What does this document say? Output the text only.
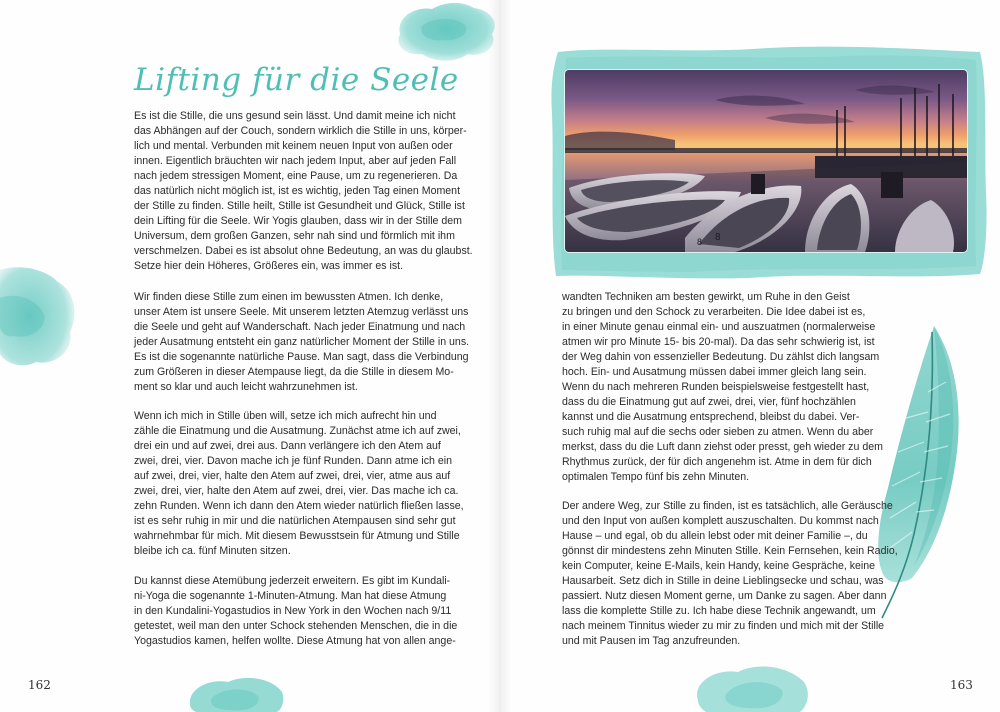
8
8
Lifting für die Seele
Es ist die Stille, die uns gesund sein lässt. Und damit meine ich nicht
das Abhängen auf der Couch, sondern wirklich die Stille in uns, körper-
lich und mental. Verbunden mit keinem neuen Input von außen oder
innen. Eigentlich bräuchten wir nach jedem Input, aber auf jeden Fall
nach jedem stressigen Moment, eine Pause, um zu regenerieren. Da
das natürlich nicht möglich ist, ist es wichtig, jeden Tag einen Moment
der Stille zu finden. Stille heilt, Stille ist Gesundheit und Glück, Stille ist
dein Lifting für die Seele. Wir Yogis glauben, dass wir in der Stille dem
Universum, dem großen Ganzen, sehr nah sind und förmlich mit ihm
verschmelzen. Dabei es ist absolut ohne Bedeutung, an was du glaubst.
Setze hier dein Höheres, Größeres ein, was immer es ist.
Wir finden diese Stille zum einen im bewussten Atmen. Ich denke,
unser Atem ist unsere Seele. Mit unserem letzten Atemzug verlässt uns
die Seele und geht auf Wanderschaft. Nach jeder Einatmung und nach
jeder Ausatmung entsteht ein ganz natürlicher Moment der Stille in uns.
Es ist die sogenannte natürliche Pause. Man sagt, dass die Verbindung
zum Größeren in dieser Atempause liegt, da die Stille in diesem Mo-
ment so klar und auch leicht wahrzunehmen ist.
Wenn ich mich in Stille üben will, setze ich mich aufrecht hin und
zähle die Einatmung und die Ausatmung. Zunächst atme ich auf zwei,
drei ein und auf zwei, drei aus. Dann verlängere ich den Atem auf
zwei, drei, vier. Davon mache ich je fünf Runden. Dann atme ich ein
auf zwei, drei, vier, halte den Atem auf zwei, drei, vier, atme aus auf
zwei, drei, vier, halte den Atem auf zwei, drei, vier. Das mache ich ca.
zehn Runden. Wenn ich dann den Atem wieder natürlich fließen lasse,
ist es sehr ruhig in mir und die natürlichen Atempausen sind sehr gut
wahrnehmbar für mich. Mit diesem Bewusstsein für Atmung und Stille
bleibe ich ca. fünf Minuten sitzen.
Du kannst diese Atemübung jederzeit erweitern. Es gibt im Kundali-
ni-Yoga die sogenannte 1-Minuten-Atmung. Man hat diese Atmung
in den Kundalini-Yogastudios in New York in den Wochen nach 9/11
getestet, weil man den unter Schock stehenden Menschen, die in die
Yogastudios kamen, helfen wollte. Diese Atmung hat von allen ange-
wandten Techniken am besten gewirkt, um Ruhe in den Geist
zu bringen und den Schock zu verarbeiten. Die Idee dabei ist es,
in einer Minute genau einmal ein- und auszuatmen (normalerweise
atmen wir pro Minute 15- bis 20-mal). Da das sehr schwierig ist, ist
der Weg dahin von essenzieller Bedeutung. Du zählst dich langsam
hoch. Ein- und Ausatmung müssen dabei immer gleich lang sein.
Wenn du nach mehreren Runden beispielsweise festgestellt hast,
dass du die Einatmung gut auf zwei, drei, vier, fünf hochzählen
kannst und die Ausatmung entsprechend, bleibst du dabei. Ver-
such ruhig mal auf die sechs oder sieben zu atmen. Wenn du aber
merkst, dass du die Luft dann ziehst oder presst, geh wieder zu dem
Rhythmus zurück, der für dich angenehm ist. Atme in dem für dich
optimalen Tempo fünf bis zehn Minuten.
Der andere Weg, zur Stille zu finden, ist es tatsächlich, alle Geräusche
und den Input von außen komplett auszuschalten. Du kommst nach
Hause – und egal, ob du allein lebst oder mit deiner Familie –, du
gönnst dir mindestens zehn Minuten Stille. Kein Fernsehen, kein Radio,
kein Computer, keine E-Mails, kein Handy, keine Gespräche, keine
Hausarbeit. Setz dich in Stille in deine Lieblingsecke und schau, was
passiert. Nutz diesen Moment gerne, um Danke zu sagen. Aber dann
lass die komplette Stille zu. Ich habe diese Technik angewandt, um
nach meinem Tinnitus wieder zu mir zu finden und mich mit der Stille
und mit Pausen im Tag anzufreunden.
162	163
